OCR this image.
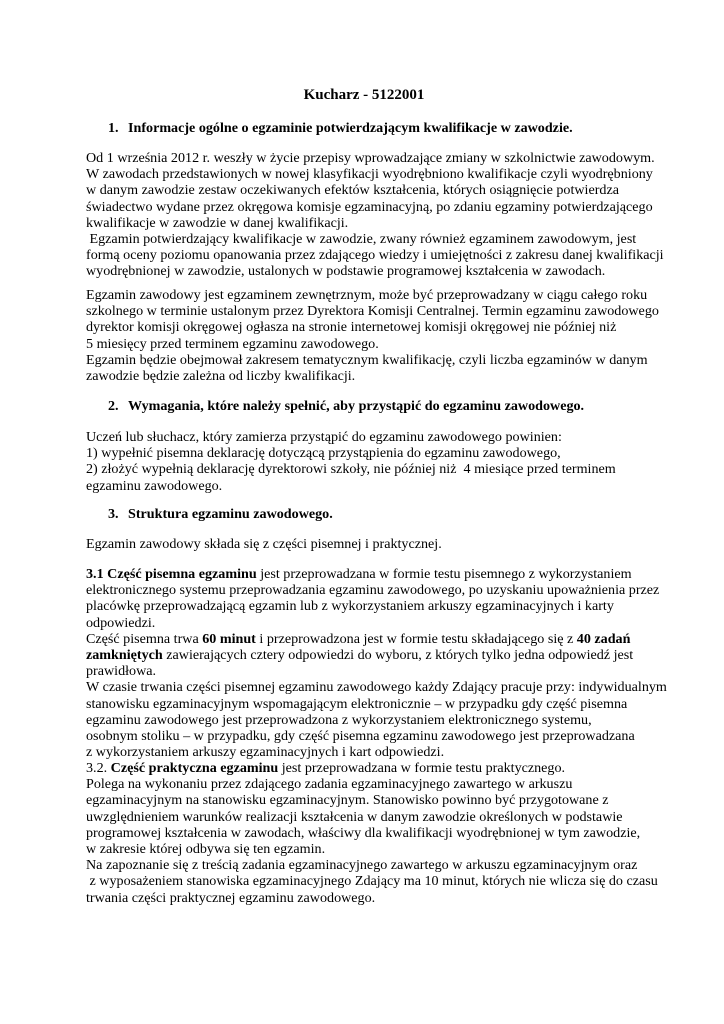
Kucharz - 5122001
1. Informacje ogólne o egzaminie potwierdzającym kwalifikacje w zawodzie.
Od 1 września 2012 r. weszły w życie przepisy wprowadzające zmiany w szkolnictwie zawodowym.
W zawodach przedstawionych w nowej klasyfikacji wyodrębniono kwalifikacje czyli wyodrębniony
w danym zawodzie zestaw oczekiwanych efektów kształcenia, których osiągnięcie potwierdza
świadectwo wydane przez okręgowa komisje egzaminacyjną, po zdaniu egzaminy potwierdzającego
kwalifikacje w zawodzie w danej kwalifikacji.
Egzamin potwierdzający kwalifikacje w zawodzie, zwany również egzaminem zawodowym, jest
formą oceny poziomu opanowania przez zdającego wiedzy i umiejętności z zakresu danej kwalifikacji
wyodrębnionej w zawodzie, ustalonych w podstawie programowej kształcenia w zawodach.
Egzamin zawodowy jest egzaminem zewnętrznym, może być przeprowadzany w ciągu całego roku
szkolnego w terminie ustalonym przez Dyrektora Komisji Centralnej. Termin egzaminu zawodowego
dyrektor komisji okręgowej ogłasza na stronie internetowej komisji okręgowej nie później niż
5 miesięcy przed terminem egzaminu zawodowego.
Egzamin będzie obejmował zakresem tematycznym kwalifikację, czyli liczba egzaminów w danym
zawodzie będzie zależna od liczby kwalifikacji.
2. Wymagania, które należy spełnić, aby przystąpić do egzaminu zawodowego.
Uczeń lub słuchacz, który zamierza przystąpić do egzaminu zawodowego powinien:
1) wypełnić pisemna deklarację dotyczącą przystąpienia do egzaminu zawodowego,
2) złożyć wypełnią deklarację dyrektorowi szkoły, nie później niż  4 miesiące przed terminem
egzaminu zawodowego.
3. Struktura egzaminu zawodowego.
Egzamin zawodowy składa się z części pisemnej i praktycznej.
3.1 Część pisemna egzaminu jest przeprowadzana w formie testu pisemnego z wykorzystaniem
elektronicznego systemu przeprowadzania egzaminu zawodowego, po uzyskaniu upoważnienia przez
placówkę przeprowadzającą egzamin lub z wykorzystaniem arkuszy egzaminacyjnych i karty
odpowiedzi.
Część pisemna trwa 60 minut i przeprowadzona jest w formie testu składającego się z 40 zadań
zamkniętych zawierających cztery odpowiedzi do wyboru, z których tylko jedna odpowiedź jest
prawidłowa.
W czasie trwania części pisemnej egzaminu zawodowego każdy Zdający pracuje przy: indywidualnym
stanowisku egzaminacyjnym wspomagającym elektronicznie – w przypadku gdy część pisemna
egzaminu zawodowego jest przeprowadzona z wykorzystaniem elektronicznego systemu,
osobnym stoliku – w przypadku, gdy część pisemna egzaminu zawodowego jest przeprowadzana
z wykorzystaniem arkuszy egzaminacyjnych i kart odpowiedzi.
3.2. Część praktyczna egzaminu jest przeprowadzana w formie testu praktycznego.
Polega na wykonaniu przez zdającego zadania egzaminacyjnego zawartego w arkuszu
egzaminacyjnym na stanowisku egzaminacyjnym. Stanowisko powinno być przygotowane z
uwzględnieniem warunków realizacji kształcenia w danym zawodzie określonych w podstawie
programowej kształcenia w zawodach, właściwy dla kwalifikacji wyodrębnionej w tym zawodzie,
w zakresie której odbywa się ten egzamin.
Na zapoznanie się z treścią zadania egzaminacyjnego zawartego w arkuszu egzaminacyjnym oraz
z wyposażeniem stanowiska egzaminacyjnego Zdający ma 10 minut, których nie wlicza się do czasu
trwania części praktycznej egzaminu zawodowego.
